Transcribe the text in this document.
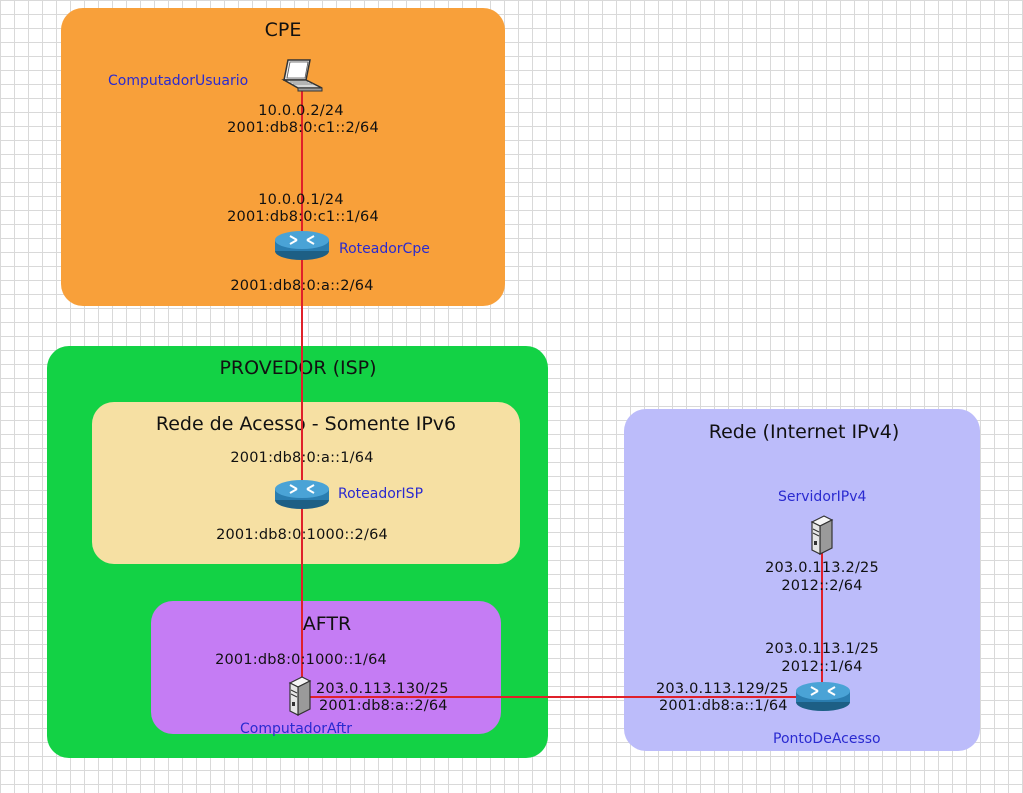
CPE
PROVEDOR (ISP)
Rede de Acesso - Somente IPv6
AFTR
Rede (Internet IPv4)
ComputadorUsuario
RoteadorCpe
RoteadorISP
ComputadorAftr
ServidorIPv4
PontoDeAcesso
10.0.0.2/24
2001:db8:0:c1::2/64
10.0.0.1/24
2001:db8:0:c1::1/64
2001:db8:0:a::2/64
2001:db8:0:a::1/64
2001:db8:0:1000::2/64
2001:db8:0:1000::1/64
203.0.113.130/25
2001:db8:a::2/64
203.0.113.129/25
2001:db8:a::1/64
203.0.113.1/25
2012::1/64
203.0.113.2/25
2012::2/64
